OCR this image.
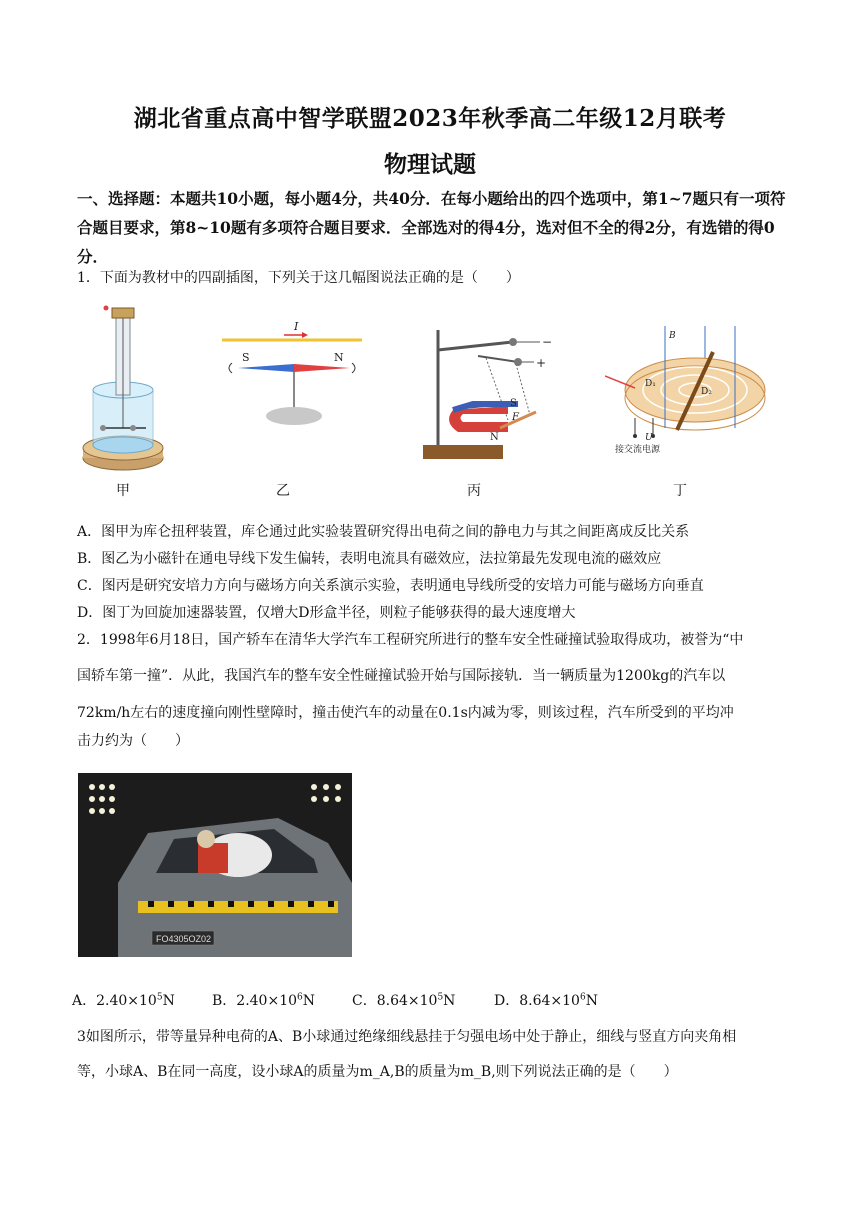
湖北省重点高中智学联盟2023年秋季高二年级12月联考
物理试题
一、选择题：本题共10小题，每小题4分，共40分．在每小题给出的四个选项中，第1~7题只有一项符合题目要求，第8~10题有多项符合题目要求．全部选对的得4分，选对但不全的得2分，有选错的得0分．
1．下面为教材中的四副插图，下列关于这几幅图说法正确的是（　　）
甲
I
S	N
乙
−
+
S
N
F
丙
B
D₁
D₂
U
接交流电源
丁
A．图甲为库仑扭秤装置，库仑通过此实验装置研究得出电荷之间的静电力与其之间距离成反比关系
B．图乙为小磁针在通电导线下发生偏转，表明电流具有磁效应，法拉第最先发现电流的磁效应
C．图丙是研究安培力方向与磁场方向关系演示实验，表明通电导线所受的安培力可能与磁场方向垂直
D．图丁为回旋加速器装置，仅增大D形盒半径，则粒子能够获得的最大速度增大
2．1998年6月18日，国产轿车在清华大学汽车工程研究所进行的整车安全性碰撞试验取得成功，被誉为“中
国轿车第一撞”．从此，我国汽车的整车安全性碰撞试验开始与国际接轨．当一辆质量为1200kg的汽车以
72km/h左右的速度撞向刚性壁障时，撞击使汽车的动量在0.1s内减为零，则该过程，汽车所受到的平均冲
击力约为（　　）
FO4305OZ02
A．$2.40\times 10^5N$	B．$2.40\times 10^6N$	C．$8.64\times 10^5N$	D．$8.64\times 10^6N$
3如图所示，带等量异种电荷的A、B小球通过绝缘细线悬挂于匀强电场中处于静止，细线与竖直方向夹角相
等，小球A、B在同一高度，设小球A的质量为m_A,B的质量为m_B,则下列说法正确的是（　　）
